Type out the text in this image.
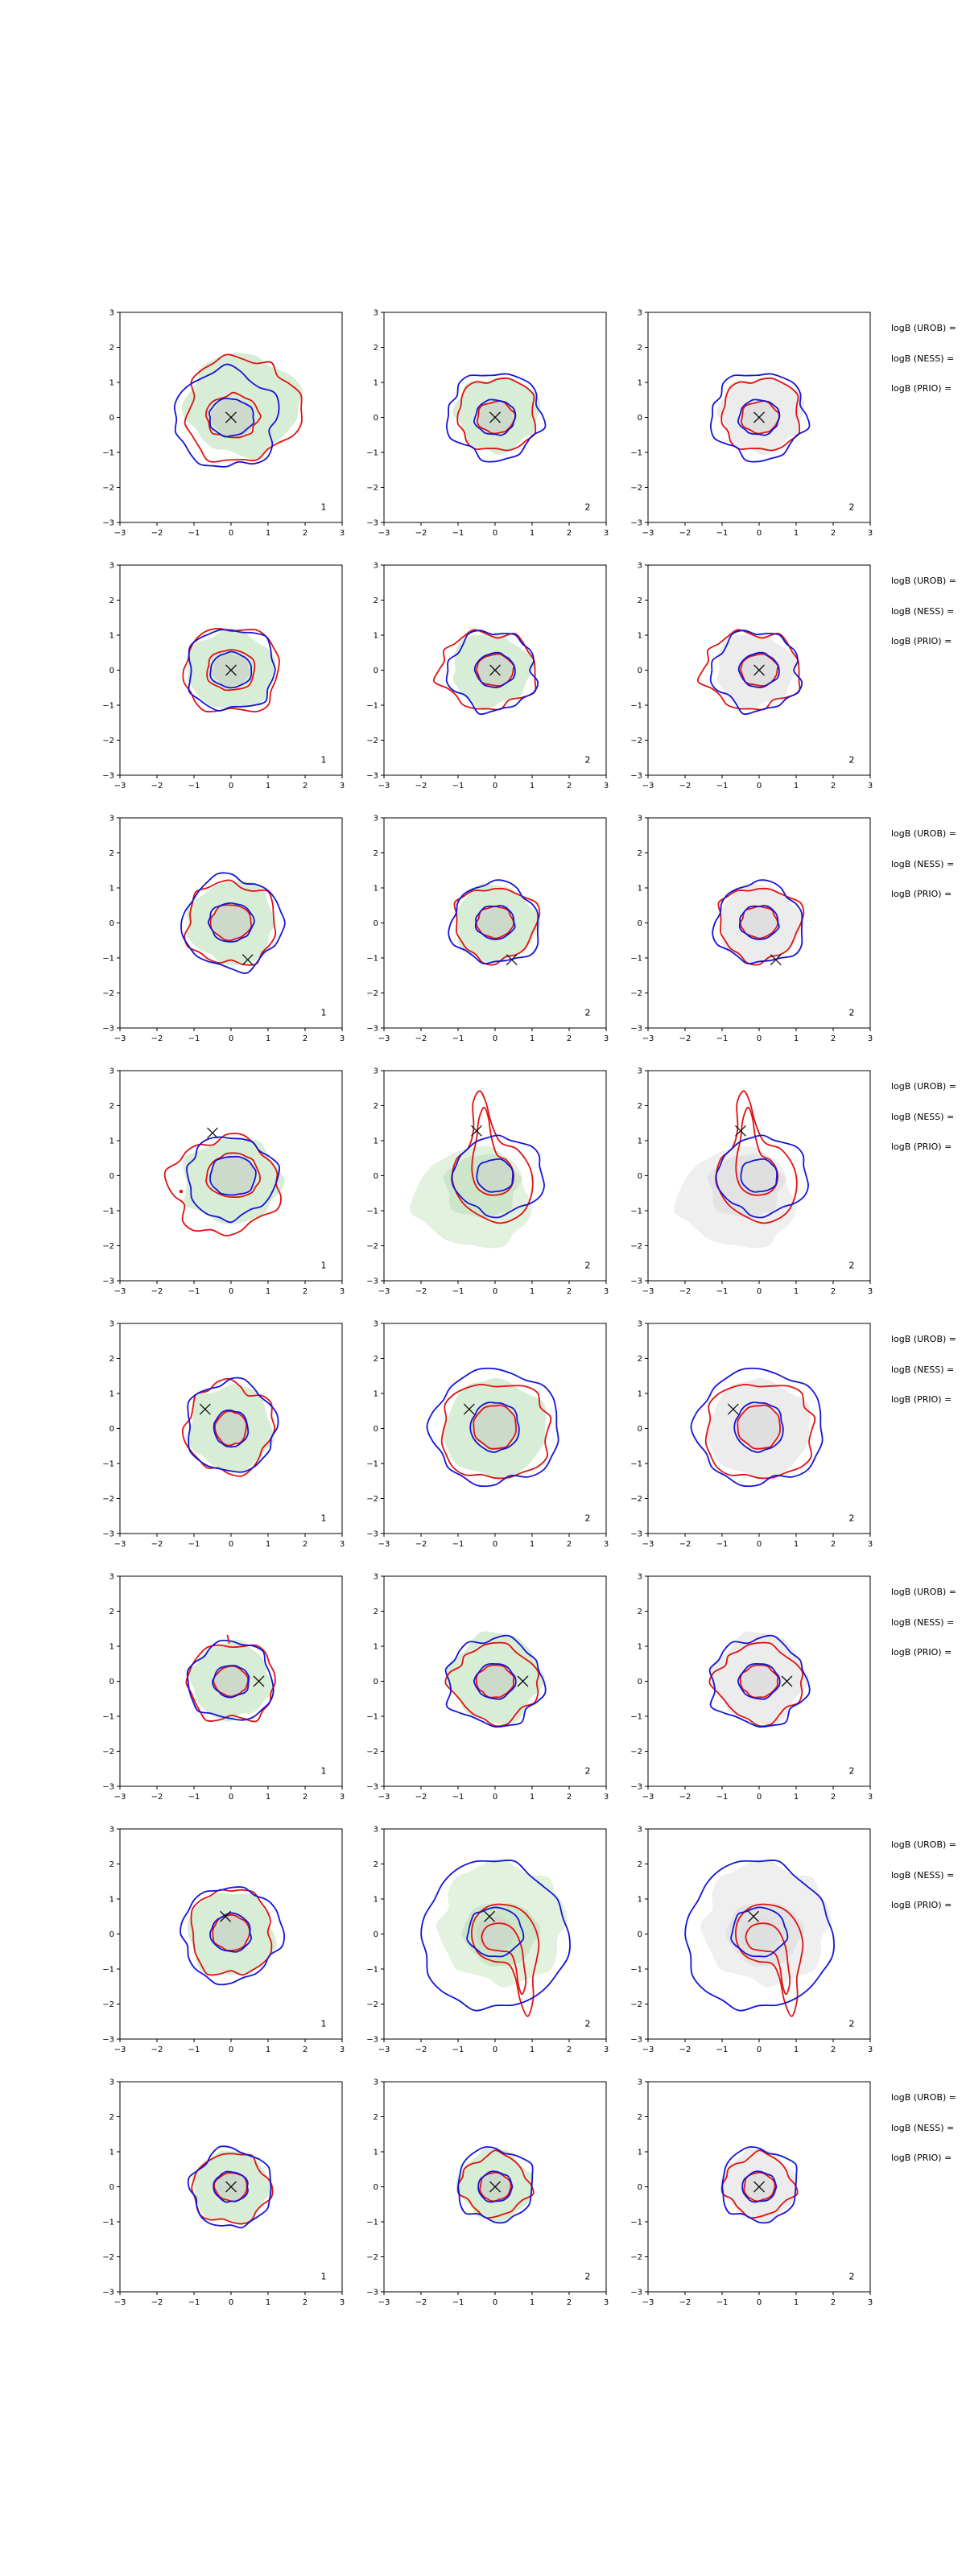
−3	−2	−1	0	1	2	3
−3
−2
−1
0
1
2
3
1
−3	−2	−1	0	1	2	3
−3
−2
−1
0
1
2
3
2
−3	−2	−1	0	1	2	3
−3
−2
−1
0
1
2
3
2
−3	−2	−1	0	1	2	3
−3
−2
−1
0
1
2
3
1
−3	−2	−1	0	1	2	3
−3
−2
−1
0
1
2
3
2
−3	−2	−1	0	1	2	3
−3
−2
−1
0
1
2
3
2
−3	−2	−1	0	1	2	3
−3
−2
−1
0
1
2
3
1
−3	−2	−1	0	1	2	3
−3
−2
−1
0
1
2
3
2
−3	−2	−1	0	1	2	3
−3
−2
−1
0
1
2
3
2
−3	−2	−1	0	1	2	3
−3
−2
−1
0
1
2
3
1
−3	−2	−1	0	1	2	3
−3
−2
−1
0
1
2
3
2
−3	−2	−1	0	1	2	3
−3
−2
−1
0
1
2
3
2
−3	−2	−1	0	1	2	3
−3
−2
−1
0
1
2
3
1
−3	−2	−1	0	1	2	3
−3
−2
−1
0
1
2
3
2
−3	−2	−1	0	1	2	3
−3
−2
−1
0
1
2
3
2
−3	−2	−1	0	1	2	3
−3
−2
−1
0
1
2
3
1
−3	−2	−1	0	1	2	3
−3
−2
−1
0
1
2
3
2
−3	−2	−1	0	1	2	3
−3
−2
−1
0
1
2
3
2
−3	−2	−1	0	1	2	3
−3
−2
−1
0
1
2
3
1
−3	−2	−1	0	1	2	3
−3
−2
−1
0
1
2
3
2
−3	−2	−1	0	1	2	3
−3
−2
−1
0
1
2
3
2
−3	−2	−1	0	1	2	3
−3
−2
−1
0
1
2
3
1
−3	−2	−1	0	1	2	3
−3
−2
−1
0
1
2
3
2
−3	−2	−1	0	1	2	3
−3
−2
−1
0
1
2
3
2
logB (UROB) =
logB (NESS) =
logB (PRIO) =
logB (UROB) =
logB (NESS) =
logB (PRIO) =
logB (UROB) =
logB (NESS) =
logB (PRIO) =
logB (UROB) =
logB (NESS) =
logB (PRIO) =
logB (UROB) =
logB (NESS) =
logB (PRIO) =
logB (UROB) =
logB (NESS) =
logB (PRIO) =
logB (UROB) =
logB (NESS) =
logB (PRIO) =
logB (UROB) =
logB (NESS) =
logB (PRIO) =
